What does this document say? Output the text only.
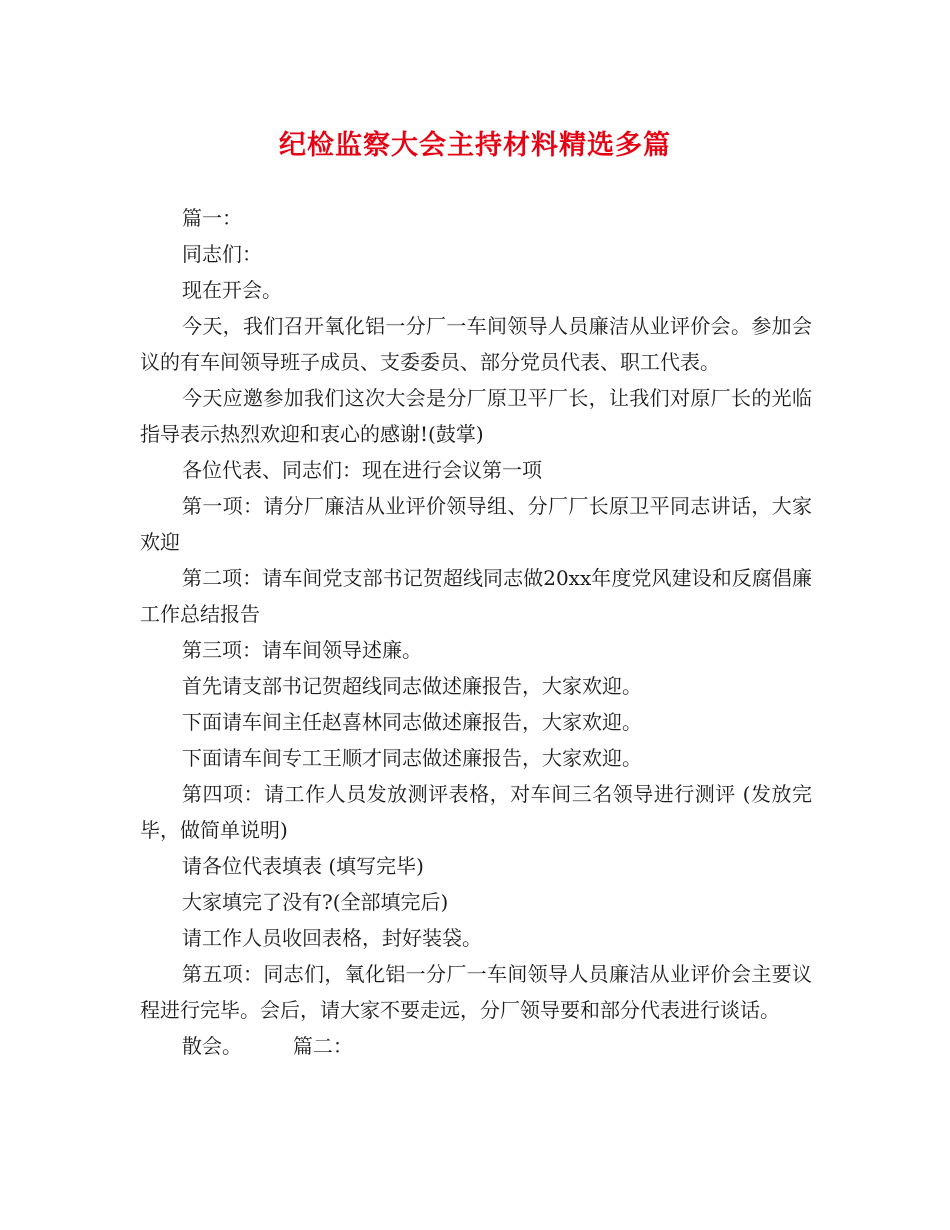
纪检监察大会主持材料精选多篇

篇一：

同志们：

现在开会。

今天，我们召开氧化铝一分厂一车间领导人员廉洁从业评价会。参加会议的有车间领导班子成员、支委委员、部分党员代表、职工代表。

今天应邀参加我们这次大会是分厂原卫平厂长，让我们对原厂长的光临指导表示热烈欢迎和衷心的感谢!(鼓掌)

各位代表、同志们：现在进行会议第一项

第一项：请分厂廉洁从业评价领导组、分厂厂长原卫平同志讲话，大家欢迎

第二项：请车间党支部书记贺超线同志做20xx年度党风建设和反腐倡廉工作总结报告

第三项：请车间领导述廉。

首先请支部书记贺超线同志做述廉报告，大家欢迎。

下面请车间主任赵喜林同志做述廉报告，大家欢迎。

下面请车间专工王顺才同志做述廉报告，大家欢迎。

第四项：请工作人员发放测评表格，对车间三名领导进行测评 (发放完毕，做简单说明)

请各位代表填表 (填写完毕)

大家填完了没有?(全部填完后)

请工作人员收回表格，封好装袋。

第五项：同志们，氧化铝一分厂一车间领导人员廉洁从业评价会主要议程进行完毕。会后，请大家不要走远，分厂领导要和部分代表进行谈话。

散会。        篇二：
